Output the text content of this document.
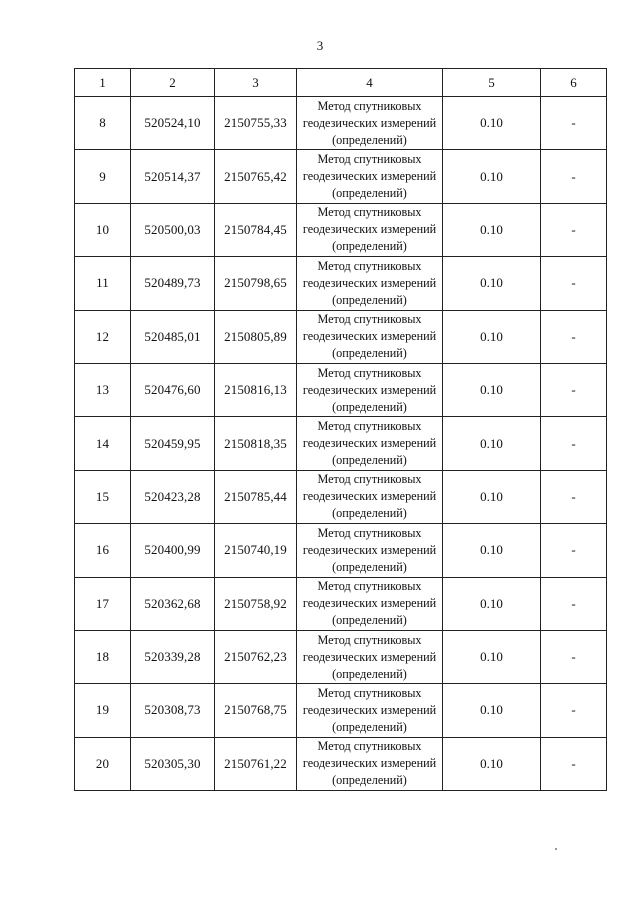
3
1	2	3	4	5	6
8	520524,10	2150755,33	Метод спутниковых
геодезических измерений
(определений)	0.10	-
9	520514,37	2150765,42	Метод спутниковых
геодезических измерений
(определений)	0.10	-
10	520500,03	2150784,45	Метод спутниковых
геодезических измерений
(определений)	0.10	-
11	520489,73	2150798,65	Метод спутниковых
геодезических измерений
(определений)	0.10	-
12	520485,01	2150805,89	Метод спутниковых
геодезических измерений
(определений)	0.10	-
13	520476,60	2150816,13	Метод спутниковых
геодезических измерений
(определений)	0.10	-
14	520459,95	2150818,35	Метод спутниковых
геодезических измерений
(определений)	0.10	-
15	520423,28	2150785,44	Метод спутниковых
геодезических измерений
(определений)	0.10	-
16	520400,99	2150740,19	Метод спутниковых
геодезических измерений
(определений)	0.10	-
17	520362,68	2150758,92	Метод спутниковых
геодезических измерений
(определений)	0.10	-
18	520339,28	2150762,23	Метод спутниковых
геодезических измерений
(определений)	0.10	-
19	520308,73	2150768,75	Метод спутниковых
геодезических измерений
(определений)	0.10	-
20	520305,30	2150761,22	Метод спутниковых
геодезических измерений
(определений)	0.10	-
